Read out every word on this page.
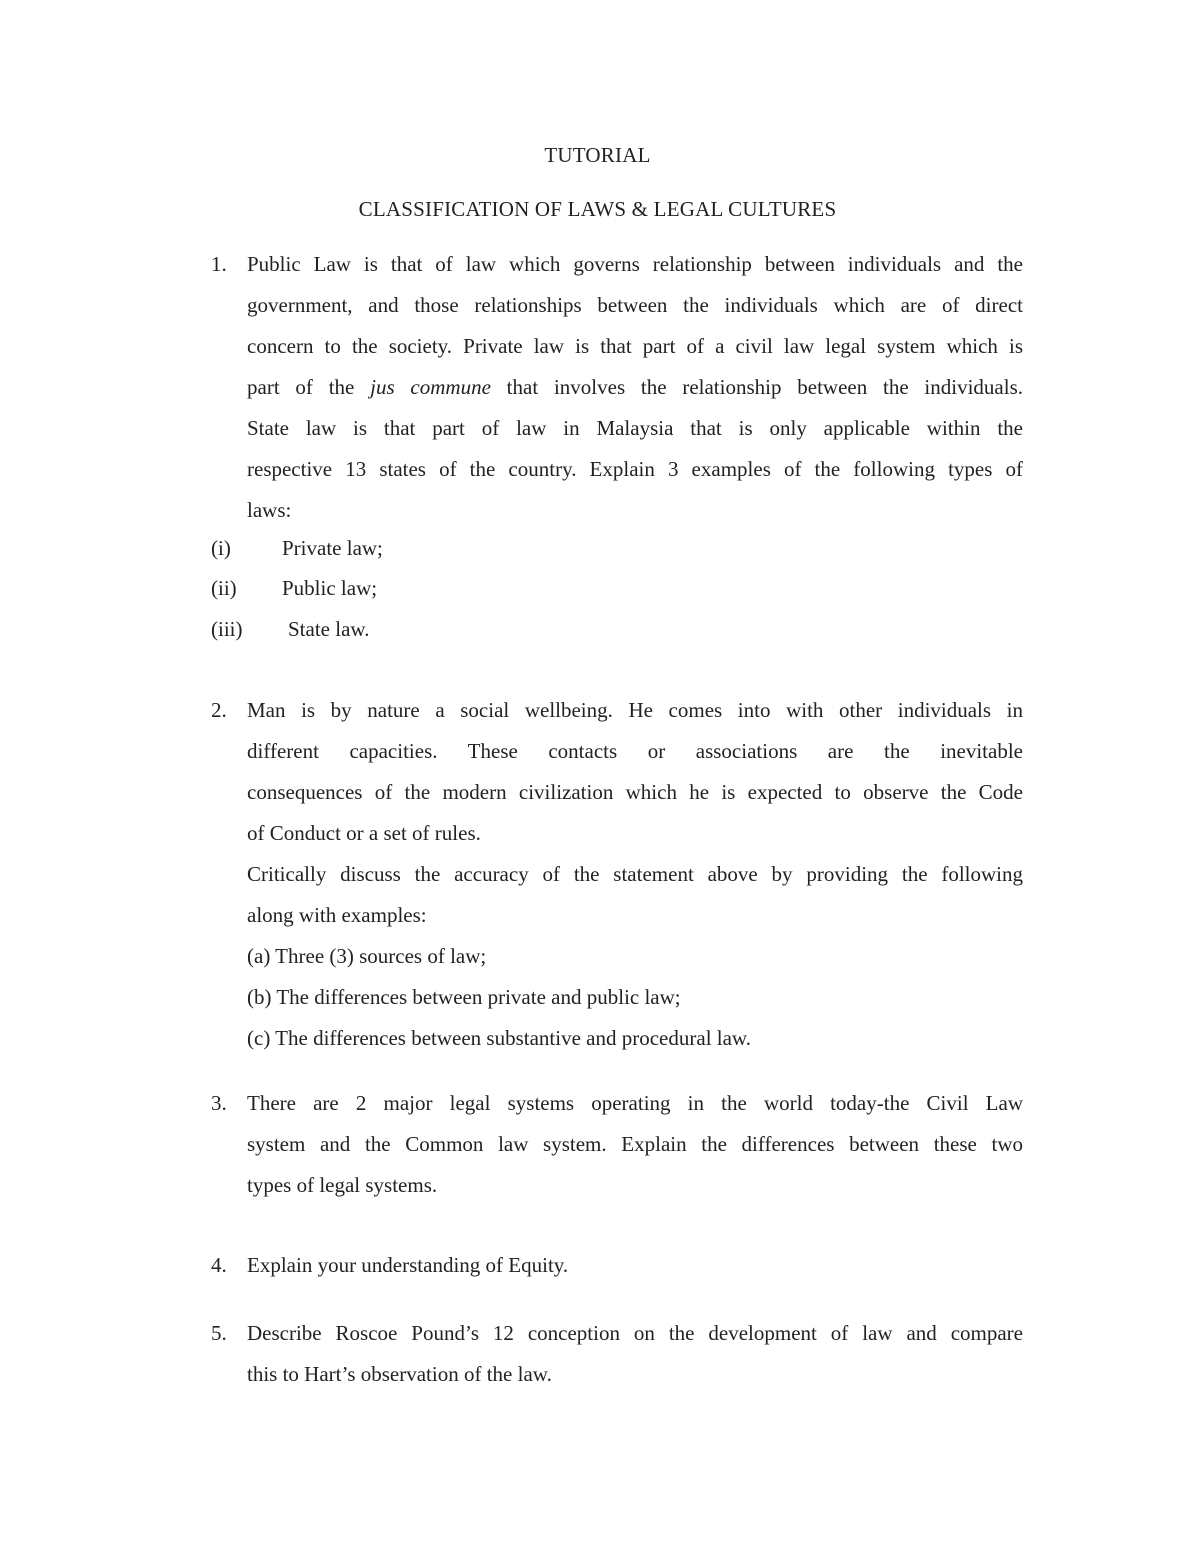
TUTORIAL
CLASSIFICATION OF LAWS & LEGAL CULTURES
1. Public Law is that of law which governs relationship between individuals and the

government, and those relationships between the individuals which are of direct

concern to the society. Private law is that part of a civil law legal system which is

part of the jus commune that involves the relationship between the individuals.

State law is that part of law in Malaysia that is only applicable within the

respective 13 states of the country. Explain 3 examples of the following types of

laws:

(i) Private law;
(ii) Public law;
(iii) State law.
2. Man is by nature a social wellbeing. He comes into with other individuals in

different capacities. These contacts or associations are the inevitable

consequences of the modern civilization which he is expected to observe the Code

of Conduct or a set of rules.

Critically discuss the accuracy of the statement above by providing the following

along with examples:

(a) Three (3) sources of law;

(b) The differences between private and public law;

(c) The differences between substantive and procedural law.

3. There are 2 major legal systems operating in the world today-the Civil Law

system and the Common law system. Explain the differences between these two

types of legal systems.

4. Explain your understanding of Equity.

5. Describe Roscoe Pound’s 12 conception on the development of law and compare

this to Hart’s observation of the law.
